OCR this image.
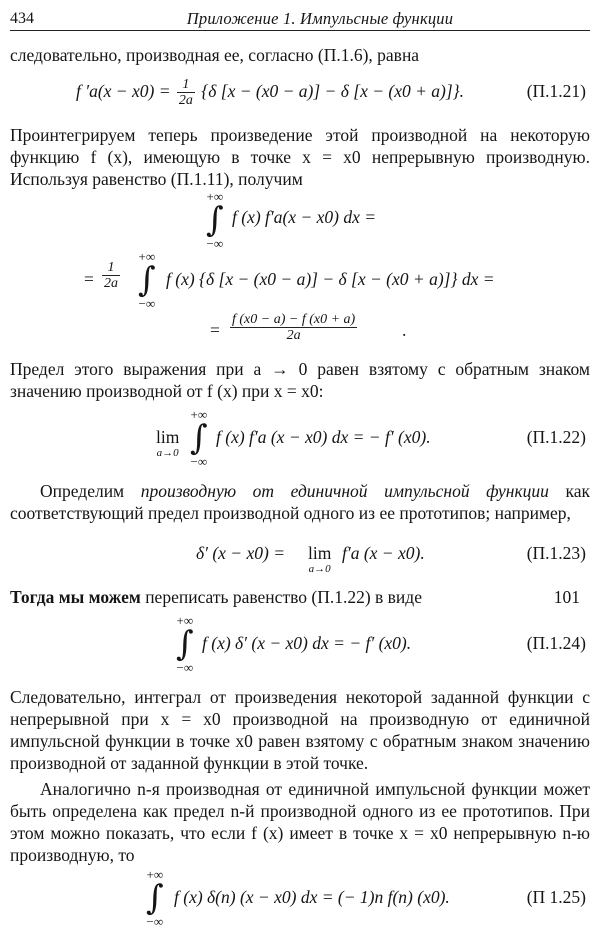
434	Приложение 1. Импульсные функции
следовательно, производная ее, согласно (П.1.6), равна
f $'a(x - x0) = \frac{1}{2a} \{\delta$ [x − (x0 − a)] − δ [x − (x0 + a)]}.	(П.1.21)
Проинтегрируем теперь произведение этой производной на некоторую функцию f (x), имеющую в точке x = x0 непрерывную производную. Используя равенство (П.1.11), получим
+∞
∫
−∞
f (x) f′a(x − x0) dx =
= $\frac{1}{2a}$
+∞
∫
−∞
f (x) {δ [x − (x0 − a)] − δ [x − (x0 + a)]} dx =
= $\frac{f (x0 - a) - f (x0 + a)}{2a}$	.
Предел этого выражения при a → 0 равен взятому с обратным знаком значению производной от f (x) при x = x0:
lim
a→0
+∞
∫
−∞
f (x) f′a (x − x0) dx = − f′ (x0).	(П.1.22)
Определим производную от единичной импульсной функции как соответствующий предел производной одного из ее прототипов; например,
δ′ (x − x0) = lim
a→0
f′a (x − x0).	(П.1.23)
Тогда мы можем переписать равенство (П.1.22) в виде	101
+∞
∫
−∞
f (x) δ′ (x − x0) dx = − f′ (x0).	(П.1.24)
Следовательно, интеграл от произведения некоторой заданной функции с непрерывной при x = x0 производной на производную от единичной импульсной функции в точке x0 равен взятому с обратным знаком значению производной от заданной функции в этой точке.
Аналогично n-я производная от единичной импульсной функции может быть определена как предел n-й производной одного из ее прототипов. При этом можно показать, что если f (x) имеет в точке x = x0 непрерывную n-ю производную, то
+∞
∫
−∞
f (x) δ(n) (x − x0) dx = (− 1)n f(n) (x0).	(П 1.25)
